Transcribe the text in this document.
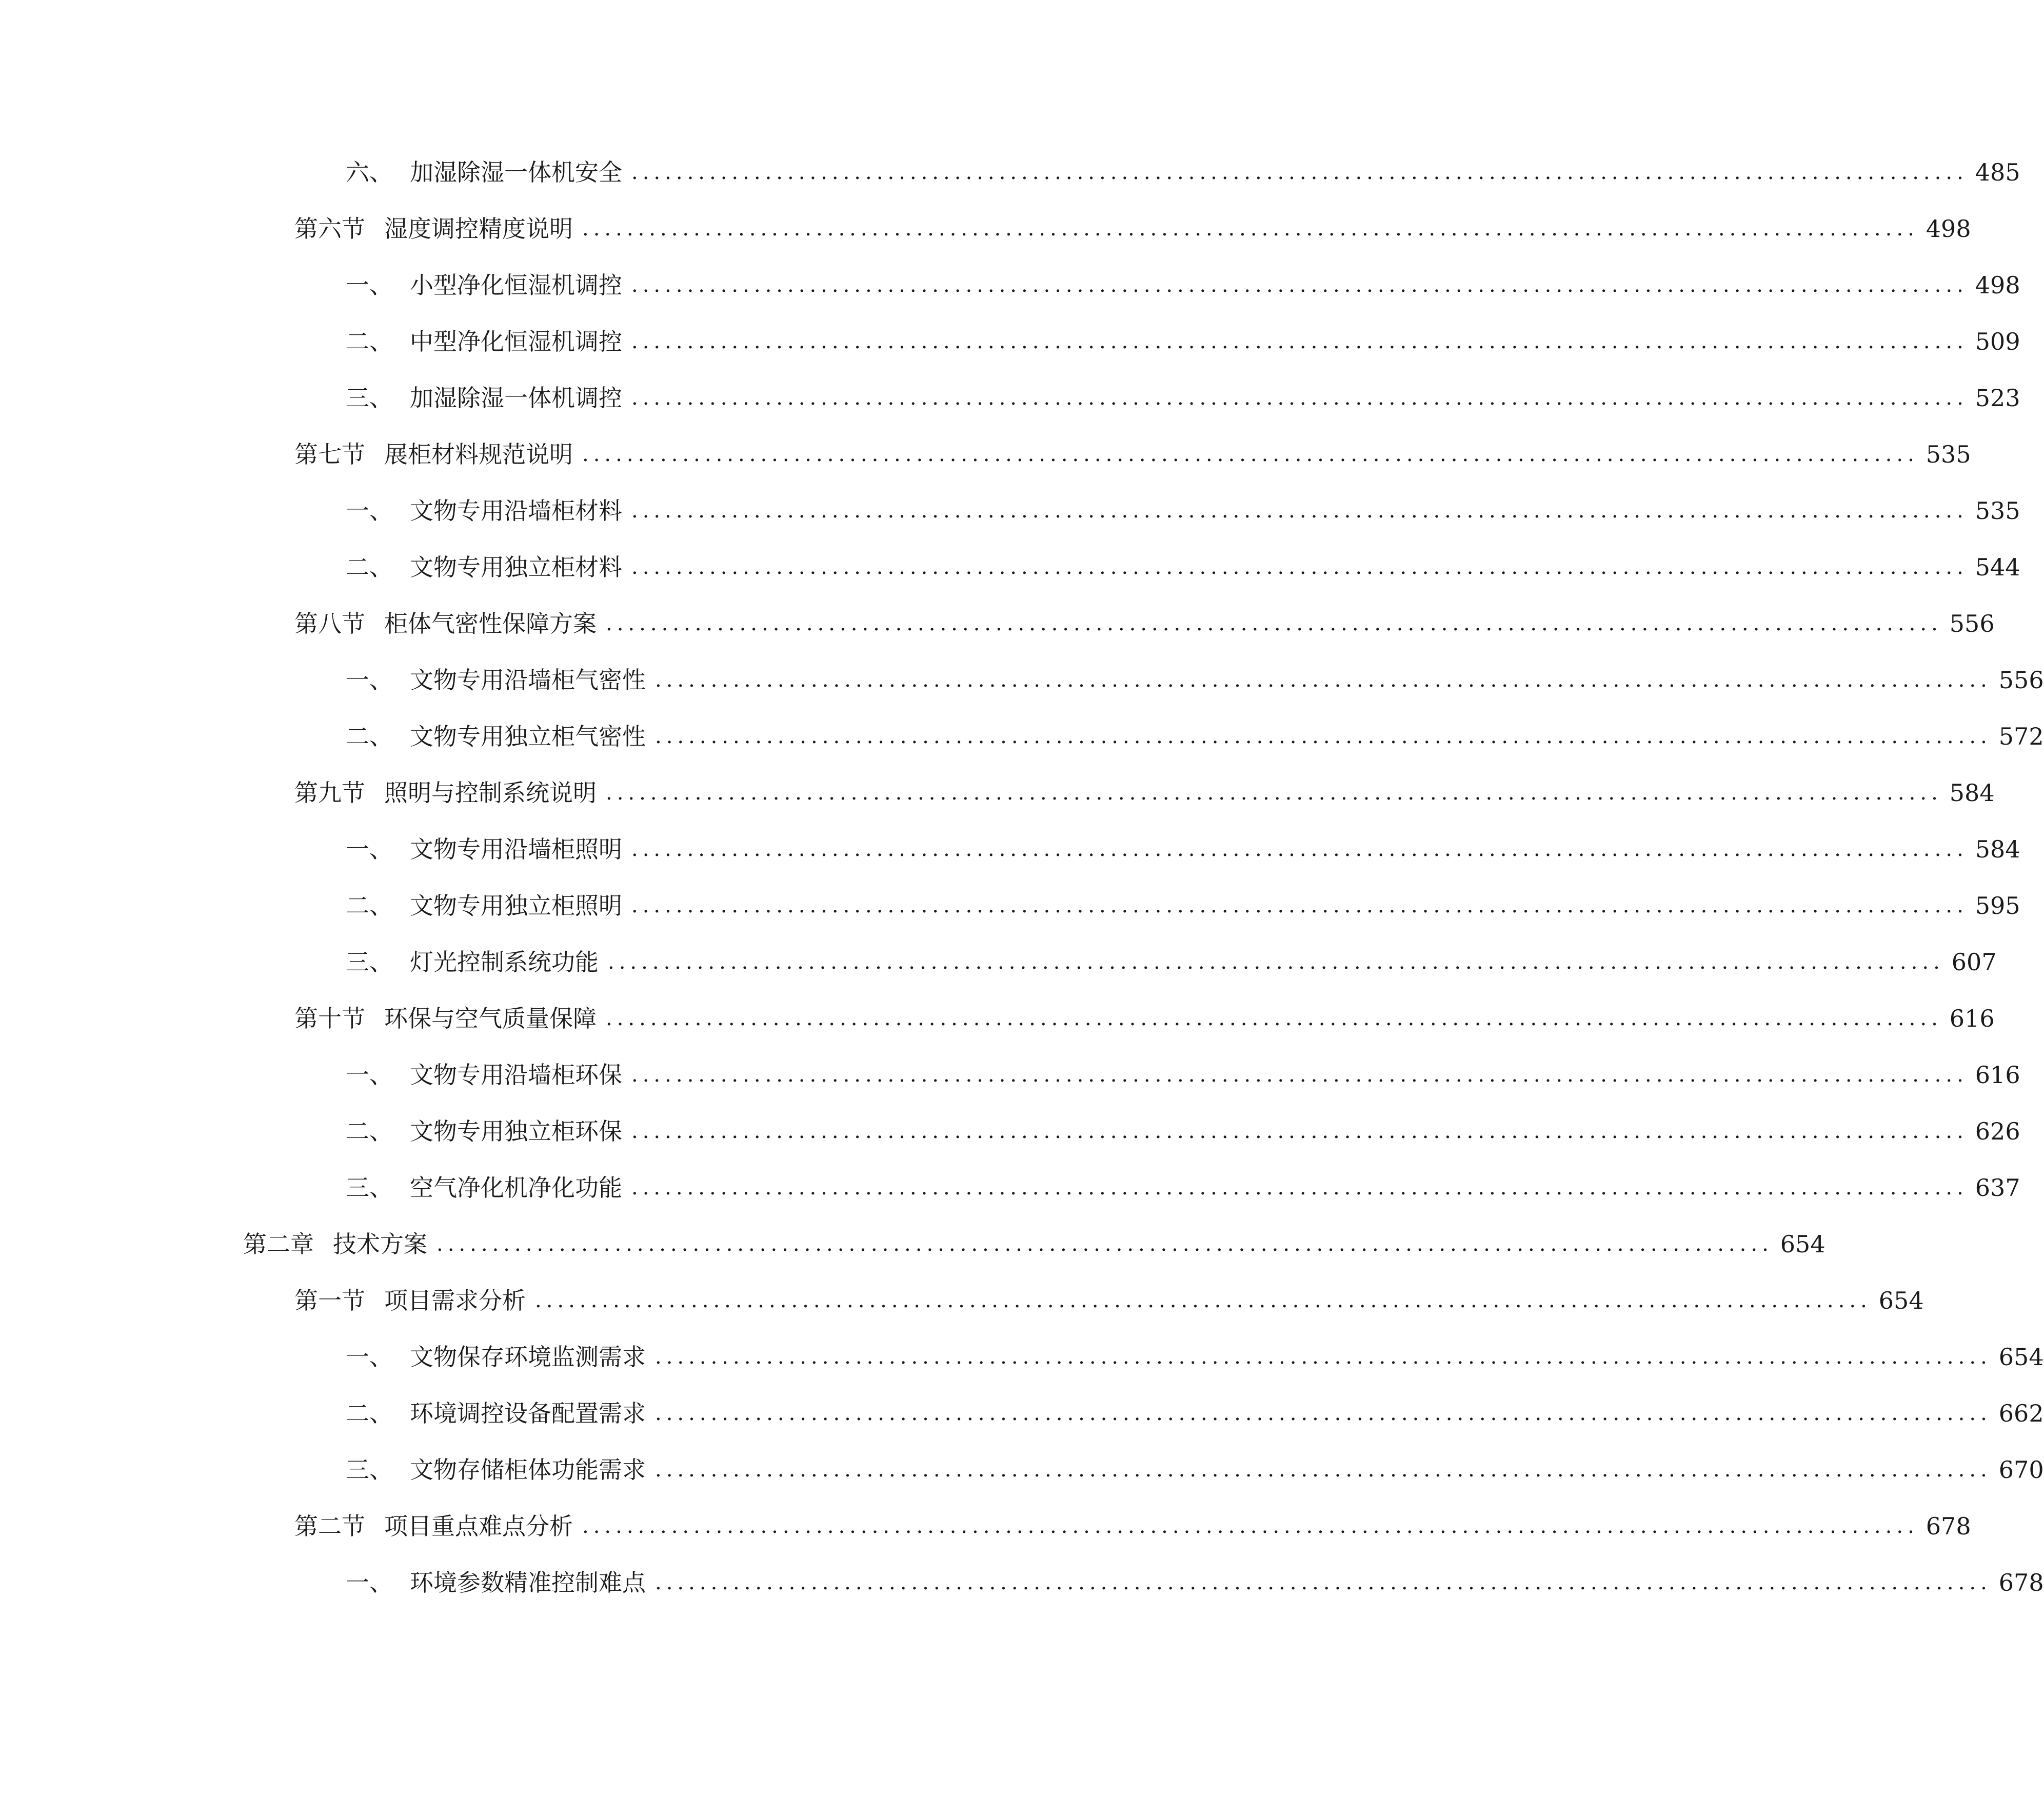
六、 加湿除湿一体机安全 ........................................................................................................................ 485
第六节 湿度调控精度说明 ........................................................................................................................ 498
一、 小型净化恒湿机调控 ........................................................................................................................ 498
二、 中型净化恒湿机调控 ........................................................................................................................ 509
三、 加湿除湿一体机调控 ........................................................................................................................ 523
第七节 展柜材料规范说明 ........................................................................................................................ 535
一、 文物专用沿墙柜材料 ........................................................................................................................ 535
二、 文物专用独立柜材料 ........................................................................................................................ 544
第八节 柜体气密性保障方案 ........................................................................................................................ 556
一、 文物专用沿墙柜气密性 ........................................................................................................................ 556
二、 文物专用独立柜气密性 ........................................................................................................................ 572
第九节 照明与控制系统说明 ........................................................................................................................ 584
一、 文物专用沿墙柜照明 ........................................................................................................................ 584
二、 文物专用独立柜照明 ........................................................................................................................ 595
三、 灯光控制系统功能 ........................................................................................................................ 607
第十节 环保与空气质量保障 ........................................................................................................................ 616
一、 文物专用沿墙柜环保 ........................................................................................................................ 616
二、 文物专用独立柜环保 ........................................................................................................................ 626
三、 空气净化机净化功能 ........................................................................................................................ 637
第二章 技术方案 ........................................................................................................................ 654
第一节 项目需求分析 ........................................................................................................................ 654
一、 文物保存环境监测需求 ........................................................................................................................ 654
二、 环境调控设备配置需求 ........................................................................................................................ 662
三、 文物存储柜体功能需求 ........................................................................................................................ 670
第二节 项目重点难点分析 ........................................................................................................................ 678
一、 环境参数精准控制难点 ........................................................................................................................ 678
